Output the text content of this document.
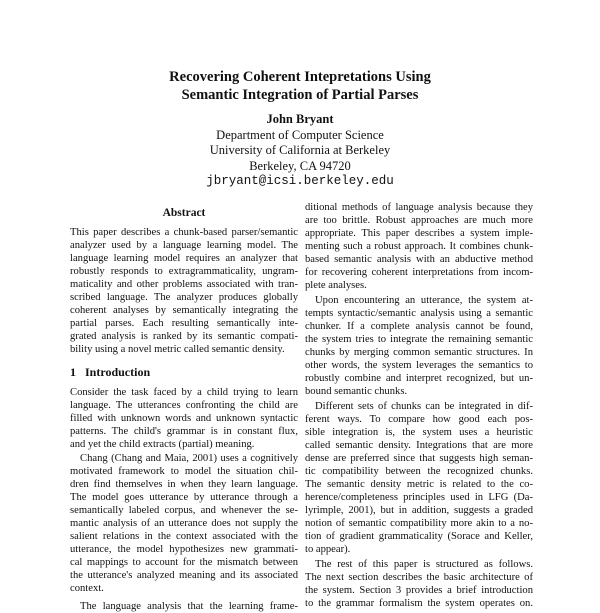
Recovering Coherent Intepretations Using
Semantic Integration of Partial Parses
John Bryant
Department of Computer Science
University of California at Berkeley
Berkeley, CA 94720
jbryant@icsi.berkeley.edu
Abstract
This paper describes a chunk-based parser/semantic
analyzer used by a language learning model. The
language learning model requires an analyzer that
robustly responds to extragrammaticality, ungram-
maticality and other problems associated with tran-
scribed language. The analyzer produces globally
coherent analyses by semantically integrating the
partial parses. Each resulting semantically inte-
grated analysis is ranked by its semantic compati-
bility using a novel metric called semantic density.
1 Introduction
Consider the task faced by a child trying to learn
language. The utterances confronting the child are
filled with unknown words and unknown syntactic
patterns. The child's grammar is in constant flux,
and yet the child extracts (partial) meaning.
Chang (Chang and Maia, 2001) uses a cognitively
motivated framework to model the situation chil-
dren find themselves in when they learn language.
The model goes utterance by utterance through a
semantically labeled corpus, and whenever the se-
mantic analysis of an utterance does not supply the
salient relations in the context associated with the
utterance, the model hypothesizes new grammati-
cal mappings to account for the mismatch between
the utterance's analyzed meaning and its associated
context.
The language analysis that the learning frame-
ditional methods of language analysis because they
are too brittle. Robust approaches are much more
appropriate. This paper describes a system imple-
menting such a robust approach. It combines chunk-
based semantic analysis with an abductive method
for recovering coherent interpretations from incom-
plete analyses.
Upon encountering an utterance, the system at-
tempts syntactic/semantic analysis using a semantic
chunker. If a complete analysis cannot be found,
the system tries to integrate the remaining semantic
chunks by merging common semantic structures. In
other words, the system leverages the semantics to
robustly combine and interpret recognized, but un-
bound semantic chunks.
Different sets of chunks can be integrated in dif-
ferent ways. To compare how good each pos-
sible integration is, the system uses a heuristic
called semantic density. Integrations that are more
dense are preferred since that suggests high seman-
tic compatibility between the recognized chunks.
The semantic density metric is related to the co-
herence/completeness principles used in LFG (Da-
lyrimple, 2001), but in addition, suggests a graded
notion of semantic compatibility more akin to a no-
tion of gradient grammaticality (Sorace and Keller,
to appear).
The rest of this paper is structured as follows.
The next section describes the basic architecture of
the system. Section 3 provides a brief introduction
to the grammar formalism the system operates on.
